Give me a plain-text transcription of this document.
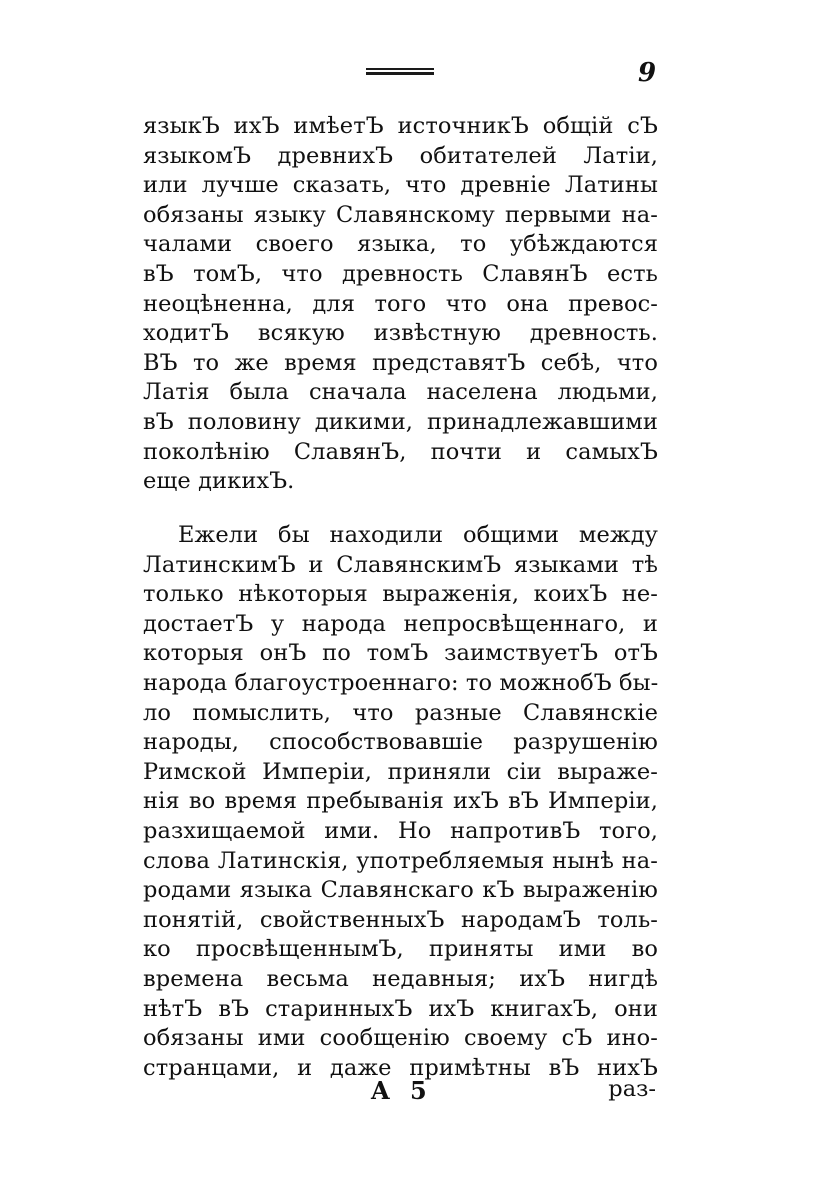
9
языкЪ ихЪ имѣетЪ источникЪ общій сЪ
языкомЪ древнихЪ обитателей Латіи,
или лучше сказать, что древніе Латины
обязаны языку Славянскому первыми на-
чалами своего языка, то убѣждаются
вЪ томЪ, что древность СлавянЪ есть
неоцѣненна, для того что она превос-
ходитЪ всякую извѣстную древность.
ВЪ то же время представятЪ себѣ, что
Латія была сначала населена людьми,
вЪ половину дикими, принадлежавшими
поколѣнію СлавянЪ, почти и самыхЪ
еще дикихЪ.
Ежели бы находили общими между
ЛатинскимЪ и СлавянскимЪ языками тѣ
только нѣкоторыя выраженія, коихЪ не-
достаетЪ у народа непросвѣщеннаго, и
которыя онЪ по томЪ заимствуетЪ отЪ
народа благоустроеннаго: то можнобЪ бы-
ло помыслить, что разные Славянскіе
народы, способствовавшіе разрушенію
Римской Имперіи, приняли сіи выраже-
нія во время пребыванія ихЪ вЪ Имперіи,
разхищаемой ими. Но напротивЪ того,
слова Латинскія, употребляемыя нынѣ на-
родами языка Славянскаго кЪ выраженію
понятій, свойственныхЪ народамЪ толь-
ко просвѣщеннымЪ, приняты ими во
времена весьма недавныя; ихЪ нигдѣ
нѣтЪ вЪ старинныхЪ ихЪ книгахЪ, они
обязаны ими сообщенію своему сЪ ино-
странцами, и даже примѣтны вЪ нихЪ
A 5	раз-
